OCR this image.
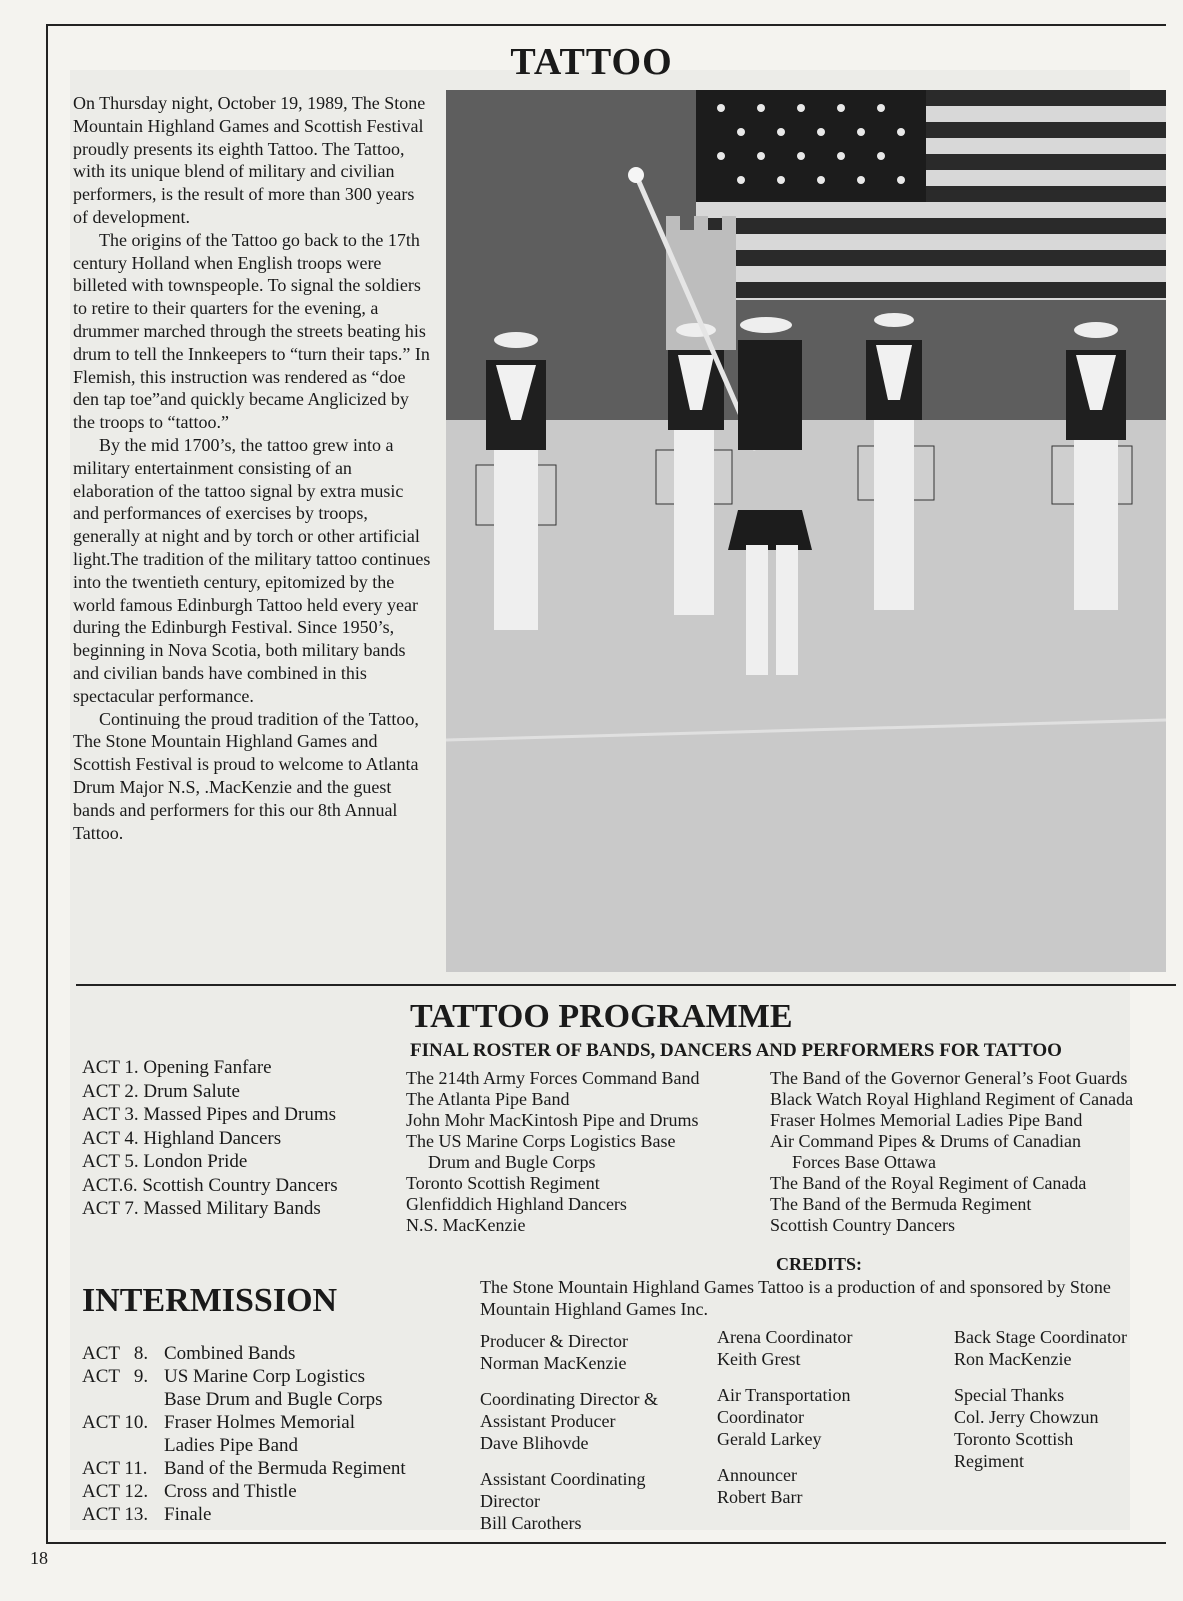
TATTOO

On Thursday night, October 19, 1989, The Stone Mountain Highland Games and Scottish Festival proudly presents its eighth Tattoo. The Tattoo, with its unique blend of military and civilian performers, is the result of more than 300 years of development.

The origins of the Tattoo go back to the 17th century Holland when English troops were billeted with townspeople. To signal the soldiers to retire to their quarters for the evening, a drummer marched through the streets beating his drum to tell the Innkeepers to “turn their taps.” In Flemish, this instruction was rendered as “doe den tap toe”and quickly became Anglicized by the troops to “tattoo.”

By the mid 1700’s, the tattoo grew into a military entertainment consisting of an elaboration of the tattoo signal by extra music and performances of exercises by troops, generally at night and by torch or other artificial light.The tradition of the military tattoo continues into the twentieth century, epitomized by the world famous Edinburgh Tattoo held every year during the Edinburgh Festival. Since 1950’s, beginning in Nova Scotia, both military bands and civilian bands have combined in this spectacular performance.

Continuing the proud tradition of the Tattoo, The Stone Mountain Highland Games and Scottish Festival is proud to welcome to Atlanta Drum Major N.S, .MacKenzie and the guest bands and performers for this our 8th Annual Tattoo.

TATTOO PROGRAMME
ACT 1. Opening Fanfare
ACT 2. Drum Salute
ACT 3. Massed Pipes and Drums
ACT 4. Highland Dancers
ACT 5. London Pride
ACT.6. Scottish Country Dancers
ACT 7. Massed Military Bands
FINAL ROSTER OF BANDS, DANCERS AND PERFORMERS FOR TATTOO
The 214th Army Forces Command Band
The Atlanta Pipe Band
John Mohr MacKintosh Pipe and Drums
The US Marine Corps Logistics Base
Drum and Bugle Corps
Toronto Scottish Regiment
Glenfiddich Highland Dancers
N.S. MacKenzie
The Band of the Governor General’s Foot Guards
Black Watch Royal Highland Regiment of Canada
Fraser Holmes Memorial Ladies Pipe Band
Air Command Pipes & Drums of Canadian
Forces Base Ottawa
The Band of the Royal Regiment of Canada
The Band of the Bermuda Regiment
Scottish Country Dancers
CREDITS:
The Stone Mountain Highland Games Tattoo is a production of and sponsored by Stone Mountain Highland Games Inc.
INTERMISSION
ACT   8. Combined Bands
ACT   9. US Marine Corp Logistics
Base Drum and Bugle Corps
ACT 10. Fraser Holmes Memorial
Ladies Pipe Band
ACT 11. Band of the Bermuda Regiment
ACT 12. Cross and Thistle
ACT 13. Finale
Producer & Director
Norman MacKenzie
Coordinating Director &
Assistant Producer
Dave Blihovde
Assistant Coordinating
Director
Bill Carothers
Arena Coordinator
Keith Grest
Air Transportation
Coordinator
Gerald Larkey
Announcer
Robert Barr
Back Stage Coordinator
Ron MacKenzie
Special Thanks
Col. Jerry Chowzun
Toronto Scottish
Regiment
18
